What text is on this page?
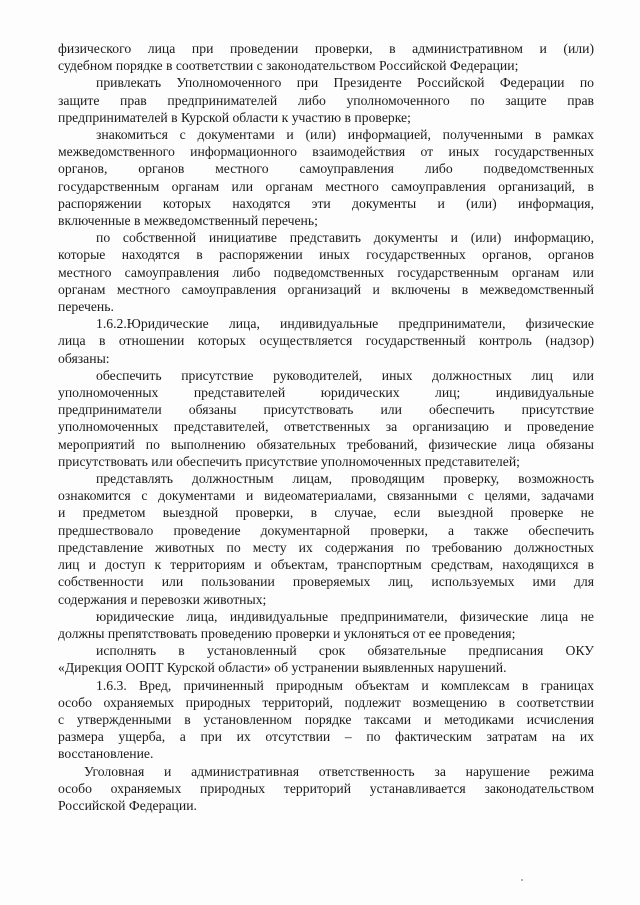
физического лица при проведении проверки, в административном и (или)
судебном порядке в соответствии с законодательством Российской Федерации;
привлекать Уполномоченного при Президенте Российской Федерации по
защите прав предпринимателей либо уполномоченного по защите прав
предпринимателей в Курской области к участию в проверке;
знакомиться с документами и (или) информацией, полученными в рамках
межведомственного информационного взаимодействия от иных государственных
органов, органов местного самоуправления либо подведомственных
государственным органам или органам местного самоуправления организаций, в
распоряжении которых находятся эти документы и (или) информация,
включенные в межведомственный перечень;
по собственной инициативе представить документы и (или) информацию,
которые находятся в распоряжении иных государственных органов, органов
местного самоуправления либо подведомственных государственным органам или
органам местного самоуправления организаций и включены в межведомственный
перечень.
1.6.2.Юридические лица, индивидуальные предприниматели, физические
лица в отношении которых осуществляется государственный контроль (надзор)
обязаны:
обеспечить присутствие руководителей, иных должностных лиц или
уполномоченных представителей юридических лиц; индивидуальные
предприниматели обязаны присутствовать или обеспечить присутствие
уполномоченных представителей, ответственных за организацию и проведение
мероприятий по выполнению обязательных требований, физические лица обязаны
присутствовать или обеспечить присутствие уполномоченных представителей;
представлять должностным лицам, проводящим проверку, возможность
ознакомится с документами и видеоматериалами, связанными с целями, задачами
и предметом выездной проверки, в случае, если выездной проверке не
предшествовало проведение документарной проверки, а также обеспечить
представление животных по месту их содержания по требованию должностных
лиц и доступ к территориям и объектам, транспортным средствам, находящихся в
собственности или пользовании проверяемых лиц, используемых ими для
содержания и перевозки животных;
юридические лица, индивидуальные предприниматели, физические лица не
должны препятствовать проведению проверки и уклоняться от ее проведения;
исполнять в установленный срок обязательные предписания ОКУ
«Дирекция ООПТ Курской области» об устранении выявленных нарушений.
1.6.3. Вред, причиненный природным объектам и комплексам в границах
особо охраняемых природных территорий, подлежит возмещению в соответствии
с утвержденными в установленном порядке таксами и методиками исчисления
размера ущерба, а при их отсутствии – по фактическим затратам на их
восстановление.
Уголовная и административная ответственность за нарушение режима
особо охраняемых природных территорий устанавливается законодательством
Российской Федерации.
